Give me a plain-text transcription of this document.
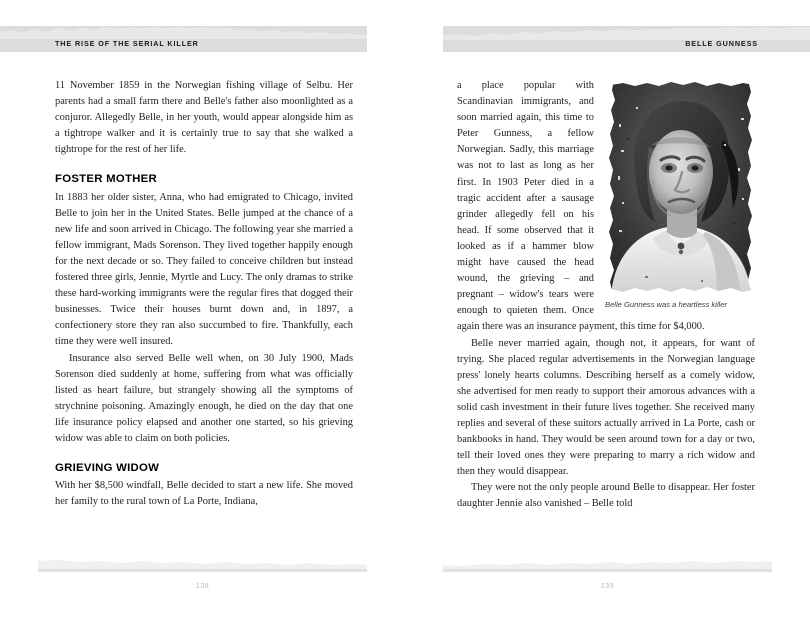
THE RISE OF THE SERIAL KILLER

11 November 1859 in the Norwegian fishing village of Selbu. Her parents had a small farm there and Belle's father also moonlighted as a conjuror. Allegedly Belle, in her youth, would appear alongside him as a tightrope walker and it is certainly true to say that she walked a tightrope for the rest of her life.

FOSTER MOTHER

In 1883 her older sister, Anna, who had emigrated to Chicago, invited Belle to join her in the United States. Belle jumped at the chance of a new life and soon arrived in Chicago. The following year she married a fellow immigrant, Mads Sorenson. They lived together happily enough for the next decade or so. They failed to conceive children but instead fostered three girls, Jennie, Myrtle and Lucy. The only dramas to strike these hard-working immigrants were the regular fires that dogged their businesses. Twice their houses burnt down and, in 1897, a confectionery store they ran also succumbed to fire. Thankfully, each time they were well insured.

Insurance also served Belle well when, on 30 July 1900, Mads Sorenson died suddenly at home, suffering from what was officially listed as heart failure, but strangely showing all the symptoms of strychnine poisoning. Amazingly enough, he died on the day that one life insurance policy elapsed and another one started, so his grieving widow was able to claim on both policies.

GRIEVING WIDOW

With her $8,500 windfall, Belle decided to start a new life. She moved her family to the rural town of La Porte, Indiana,

138
BELLE GUNNESS
Belle Gunness was a heartless killer

a place popular with Scandinavian immigrants, and soon married again, this time to Peter Gunness, a fellow Norwegian. Sadly, this marriage was not to last as long as her first. In 1903 Peter died in a tragic accident after a sausage grinder allegedly fell on his head. If some observed that it looked as if a hammer blow might have caused the head wound, the grieving – and pregnant – widow's tears were enough to quieten them. Once again there was an insurance payment, this time for $4,000.

Belle never married again, though not, it appears, for want of trying. She placed regular advertisements in the Norwegian language press' lonely hearts columns. Describing herself as a comely widow, she advertised for men ready to support their amorous advances with a solid cash investment in their future lives together. She received many replies and several of these suitors actually arrived in La Porte, cash or bankbooks in hand. They would be seen around town for a day or two, tell their loved ones they were preparing to marry a rich widow and then they would disappear.

They were not the only people around Belle to disappear. Her foster daughter Jennie also vanished – Belle told

139
